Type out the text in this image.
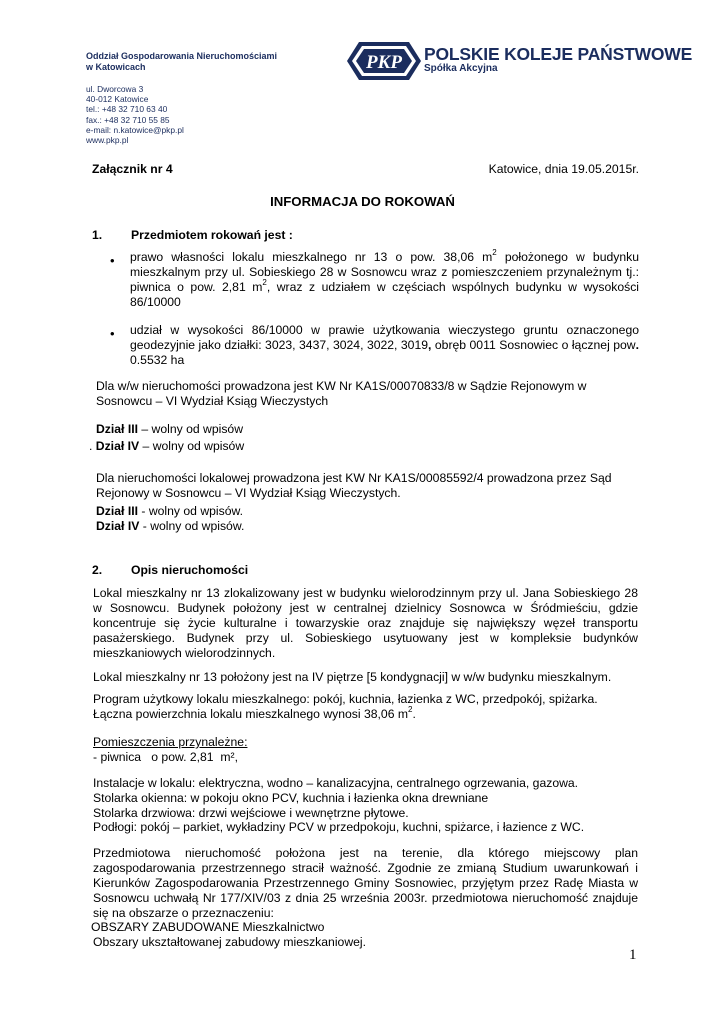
Oddział Gospodarowania Nieruchomościami
w Katowicach
ul. Dworcowa 3
40-012 Katowice
tel.: +48 32 710 63 40
fax.: +48 32 710 55 85
e-mail: n.katowice@pkp.pl
www.pkp.pl
PKP POLSKIE KOLEJE PAŃSTWOWE
Spółka Akcyjna
Załącznik nr 4	Katowice, dnia 19.05.2015r.
INFORMACJA DO ROKOWAŃ
1. Przedmiotem rokowań jest :
• prawo własności lokalu mieszkalnego nr 13 o pow. 38,06 $m^2$ położonego w budynku mieszkalnym przy ul. Sobieskiego 28 w Sosnowcu wraz z pomieszczeniem przynależnym tj.: piwnica o pow. 2,81 $m^2$, wraz z udziałem w częściach wspólnych budynku w wysokości 86/10000
• udział w wysokości 86/10000 w prawie użytkowania wieczystego gruntu oznaczonego geodezyjnie jako działki: 3023, 3437, 3024, 3022, 3019, obręb 0011 Sosnowiec o łącznej pow. 0.5532 ha
Dla w/w nieruchomości prowadzona jest KW Nr KA1S/00070833/8 w Sądzie Rejonowym w
Sosnowcu – VI Wydział Ksiąg Wieczystych
Dział III – wolny od wpisów
. Dział IV – wolny od wpisów
Dla nieruchomości lokalowej prowadzona jest KW Nr KA1S/00085592/4 prowadzona przez Sąd
Rejonowy w Sosnowcu – VI Wydział Ksiąg Wieczystych.
Dział III - wolny od wpisów.
Dział IV - wolny od wpisów.
2. Opis nieruchomości
Lokal mieszkalny nr 13 zlokalizowany jest w budynku wielorodzinnym przy ul. Jana Sobieskiego 28 w Sosnowcu. Budynek położony jest w centralnej dzielnicy Sosnowca w Śródmieściu, gdzie koncentruje się życie kulturalne i towarzyskie oraz znajduje się największy węzeł transportu pasażerskiego. Budynek przy ul. Sobieskiego usytuowany jest w kompleksie budynków mieszkaniowych wielorodzinnych.
Lokal mieszkalny nr 13 położony jest na IV piętrze [5 kondygnacji] w w/w budynku mieszkalnym.
Program użytkowy lokalu mieszkalnego: pokój, kuchnia, łazienka z WC, przedpokój, spiżarka.
Łączna powierzchnia lokalu mieszkalnego wynosi 38,06 $m^2$.
Pomieszczenia przynależne:
- piwnica   o pow. 2,81  m²,
Instalacje w lokalu: elektryczna, wodno – kanalizacyjna, centralnego ogrzewania, gazowa.
Stolarka okienna: w pokoju okno PCV, kuchnia i łazienka okna drewniane
Stolarka drzwiowa: drzwi wejściowe i wewnętrzne płytowe.
Podłogi: pokój – parkiet, wykładziny PCV w przedpokoju, kuchni, spiżarce, i łazience z WC.
Przedmiotowa nieruchomość położona jest na terenie, dla którego miejscowy plan zagospodarowania przestrzennego stracił ważność. Zgodnie ze zmianą Studium uwarunkowań i Kierunków Zagospodarowania Przestrzennego Gminy Sosnowiec, przyjętym przez Radę Miasta w Sosnowcu uchwałą Nr 177/XIV/03 z dnia 25 września 2003r. przedmiotowa nieruchomość znajduje się na obszarze o przeznaczeniu:
OBSZARY ZABUDOWANE Mieszkalnictwo
Obszary ukształtowanej zabudowy mieszkaniowej.
1
